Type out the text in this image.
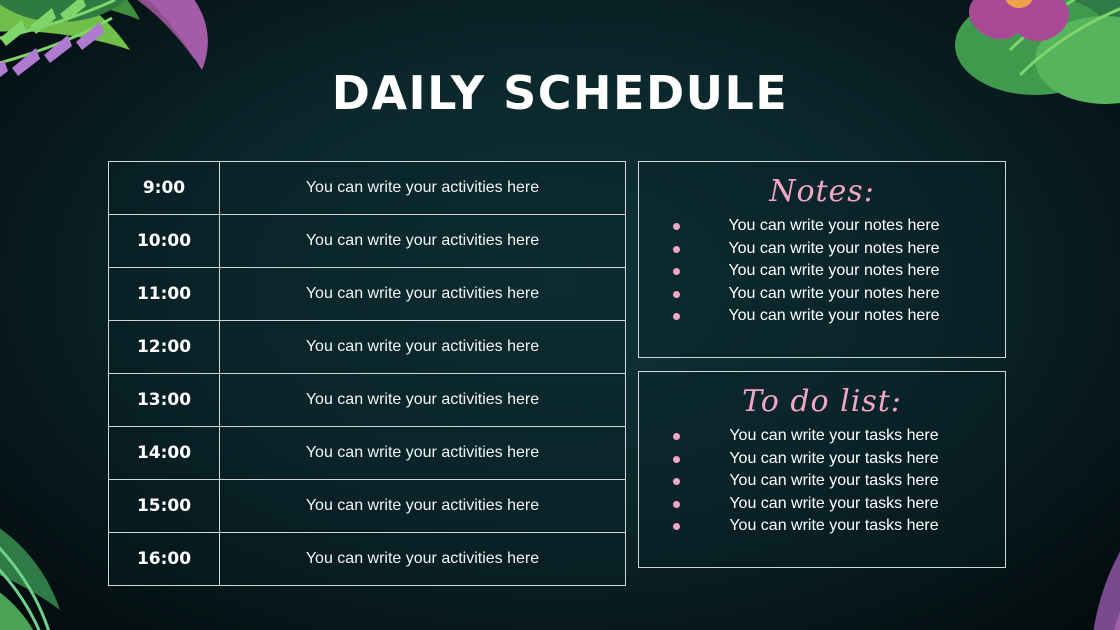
DAILY SCHEDULE
9:00	You can write your activities here
10:00	You can write your activities here
11:00	You can write your activities here
12:00	You can write your activities here
13:00	You can write your activities here
14:00	You can write your activities here
15:00	You can write your activities here
16:00	You can write your activities here
Notes:
You can write your notes here
You can write your notes here
You can write your notes here
You can write your notes here
You can write your notes here
To do list:
You can write your tasks here
You can write your tasks here
You can write your tasks here
You can write your tasks here
You can write your tasks here
